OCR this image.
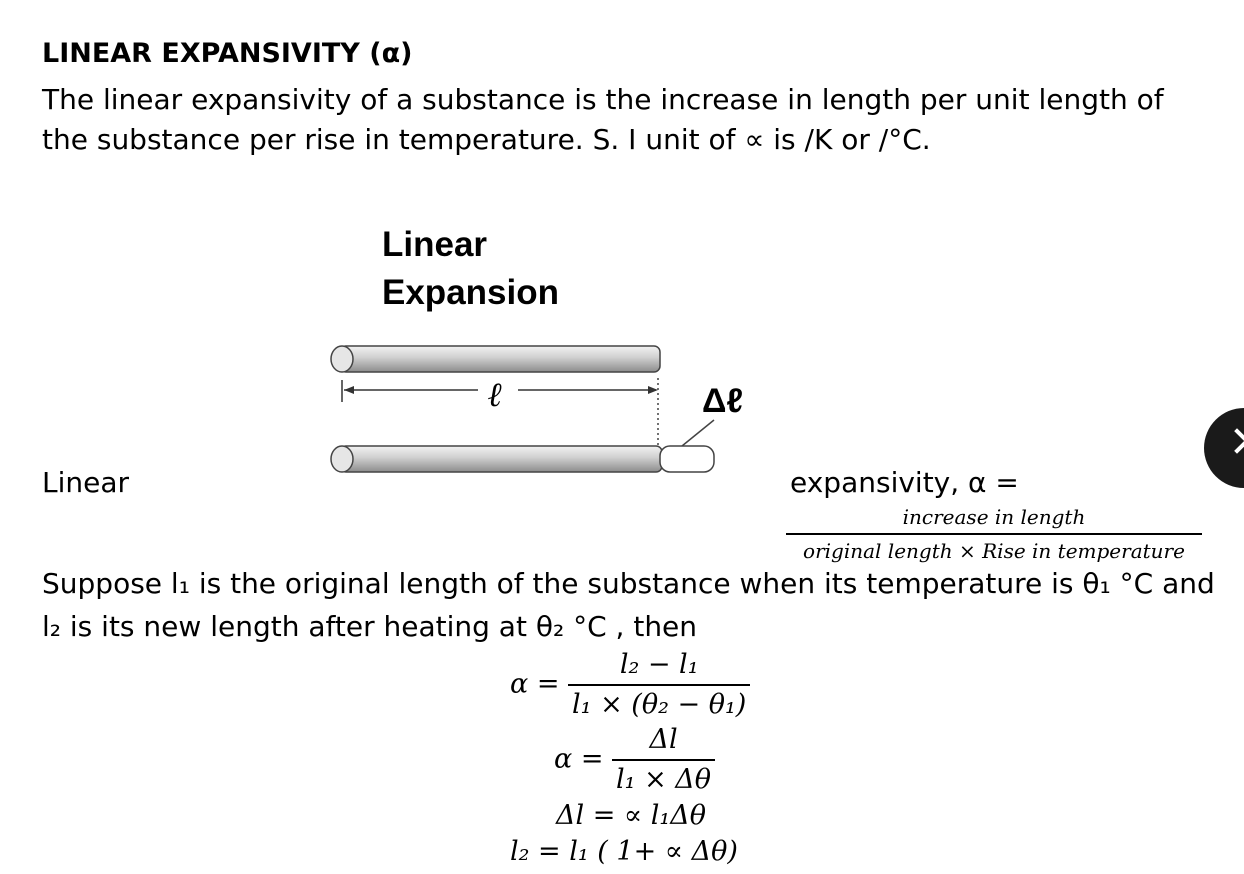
LINEAR EXPANSIVITY (α)
The linear expansivity of a substance is the increase in length per unit length of
the substance per rise in temperature. S. I unit of ∝ is /K or /°C.
Linear
Expansion
ℓ	Δℓ
Linear	expansivity, α =
increase in length
original length × Rise in temperature
Suppose l₁ is the original length of the substance when its temperature is θ₁ °C and
l₂ is its new length after heating at θ₂ °C , then
$\alpha = \frac{\text{l₂ − l₁}}{\text{l₁ × (θ₂ − θ₁)}}$
$\alpha = \frac{\Delta l}{\text{l₁ × Δθ}}$
Δl = ∝ l₁Δθ
l₂ = l₁ ( 1+ ∝ Δθ)
